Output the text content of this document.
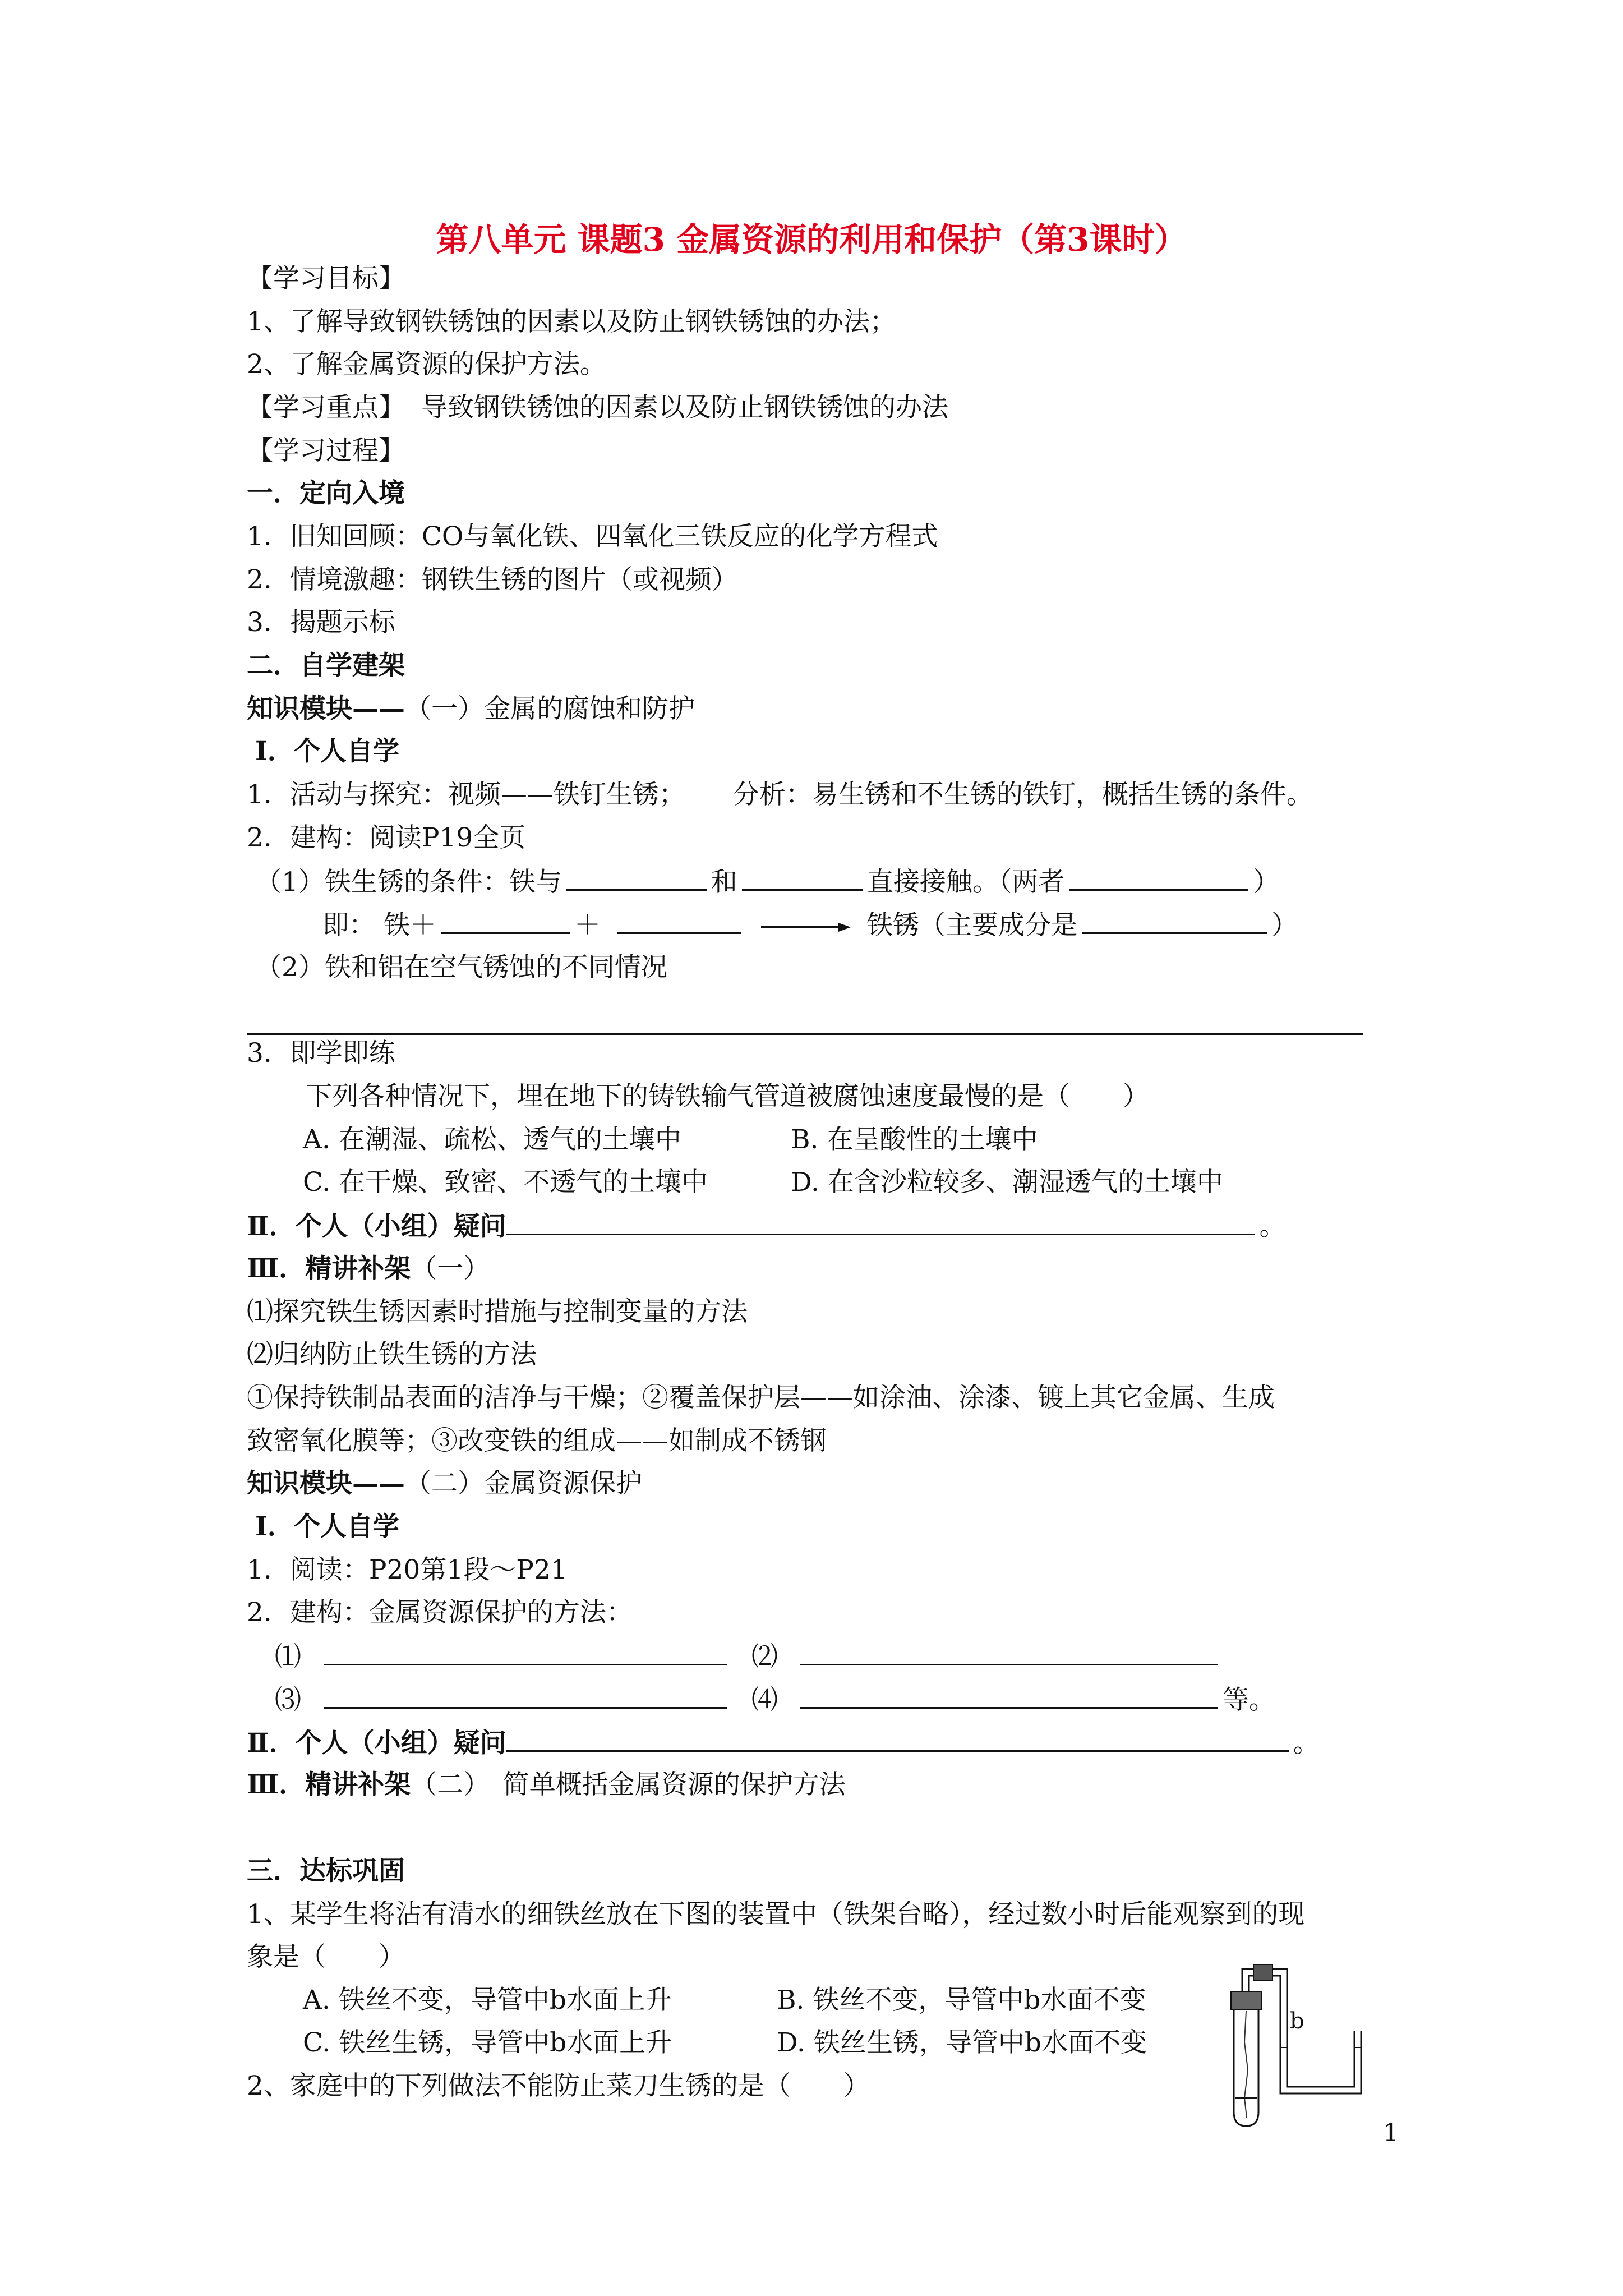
第八单元 课题3 金属资源的利用和保护（第3课时）
【学习目标】
1、了解导致钢铁锈蚀的因素以及防止钢铁锈蚀的办法；
2、了解金属资源的保护方法。
【学习重点】 导致钢铁锈蚀的因素以及防止钢铁锈蚀的办法
【学习过程】
一．定向入境
1．旧知回顾：CO与氧化铁、四氧化三铁反应的化学方程式
2．情境激趣：钢铁生锈的图片（或视频）
3．揭题示标
二．自学建架
知识模块——（一）金属的腐蚀和防护
Ⅰ．个人自学
1．活动与探究：视频——铁钉生锈； 分析：易生锈和不生锈的铁钉，概括生锈的条件。
2．建构：阅读P19全页
（1）铁生锈的条件：铁与	和	直接接触。（两者	）
即： 铁＋	＋	→ 铁锈（主要成分是	）
（2）铁和铝在空气锈蚀的不同情况
3．即学即练
下列各种情况下，埋在地下的铸铁输气管道被腐蚀速度最慢的是（　　）
A. 在潮湿、疏松、透气的土壤中	B. 在呈酸性的土壤中
C. 在干燥、致密、不透气的土壤中	D. 在含沙粒较多、潮湿透气的土壤中
Ⅱ．个人（小组）疑问	。
Ⅲ．精讲补架（一）
⑴探究铁生锈因素时措施与控制变量的方法
⑵归纳防止铁生锈的方法
①保持铁制品表面的洁净与干燥；②覆盖保护层——如涂油、涂漆、镀上其它金属、生成
致密氧化膜等；③改变铁的组成——如制成不锈钢
知识模块——（二）金属资源保护
Ⅰ．个人自学
1．阅读：P20第1段～P21
2．建构：金属资源保护的方法：
⑴	⑵
⑶	⑷	等。
Ⅱ．个人（小组）疑问	。
Ⅲ．精讲补架（二）　简单概括金属资源的保护方法
三．达标巩固
1、某学生将沾有清水的细铁丝放在下图的装置中（铁架台略），经过数小时后能观察到的现
象是（　　）
A. 铁丝不变，导管中b水面上升	B. 铁丝不变，导管中b水面不变
C. 铁丝生锈，导管中b水面上升	D. 铁丝生锈，导管中b水面不变
2、家庭中的下列做法不能防止菜刀生锈的是（　　）
b
1
